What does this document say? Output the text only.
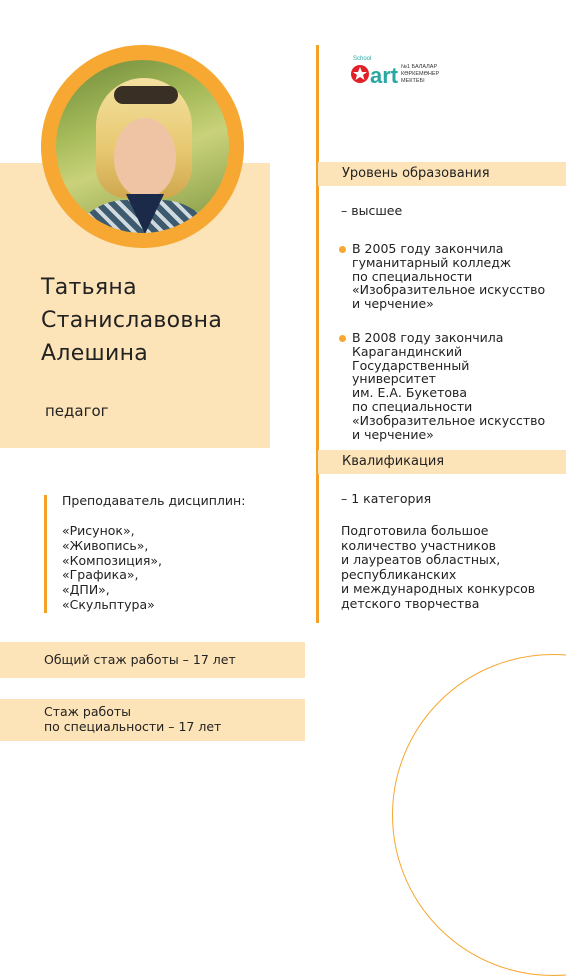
Татьяна
Станиславовна
Алешина
педагог
Преподаватель дисциплин:
«Рисунок»,
«Живопись»,
«Композиция»,
«Графика»,
«ДПИ»,
«Скульптура»
Общий стаж работы – 17 лет
Стаж работы
по специальности – 17 лет
School
art №1 БАЛАЛАР
КӨРКЕМӨНЕР
МЕКТЕБІ
Уровень образования
– высшее
В 2005 году закончила
гуманитарный колледж
по специальности
«Изобразительное искусство
и черчение»
В 2008 году закончила
Карагандинский
Государственный университет
им. Е.А. Букетова
по специальности
«Изобразительное искусство
и черчение»
Квалификация
– 1 категория
Подготовила большое
количество участников
и лауреатов областных,
республиканских
и международных конкурсов
детского творчества
